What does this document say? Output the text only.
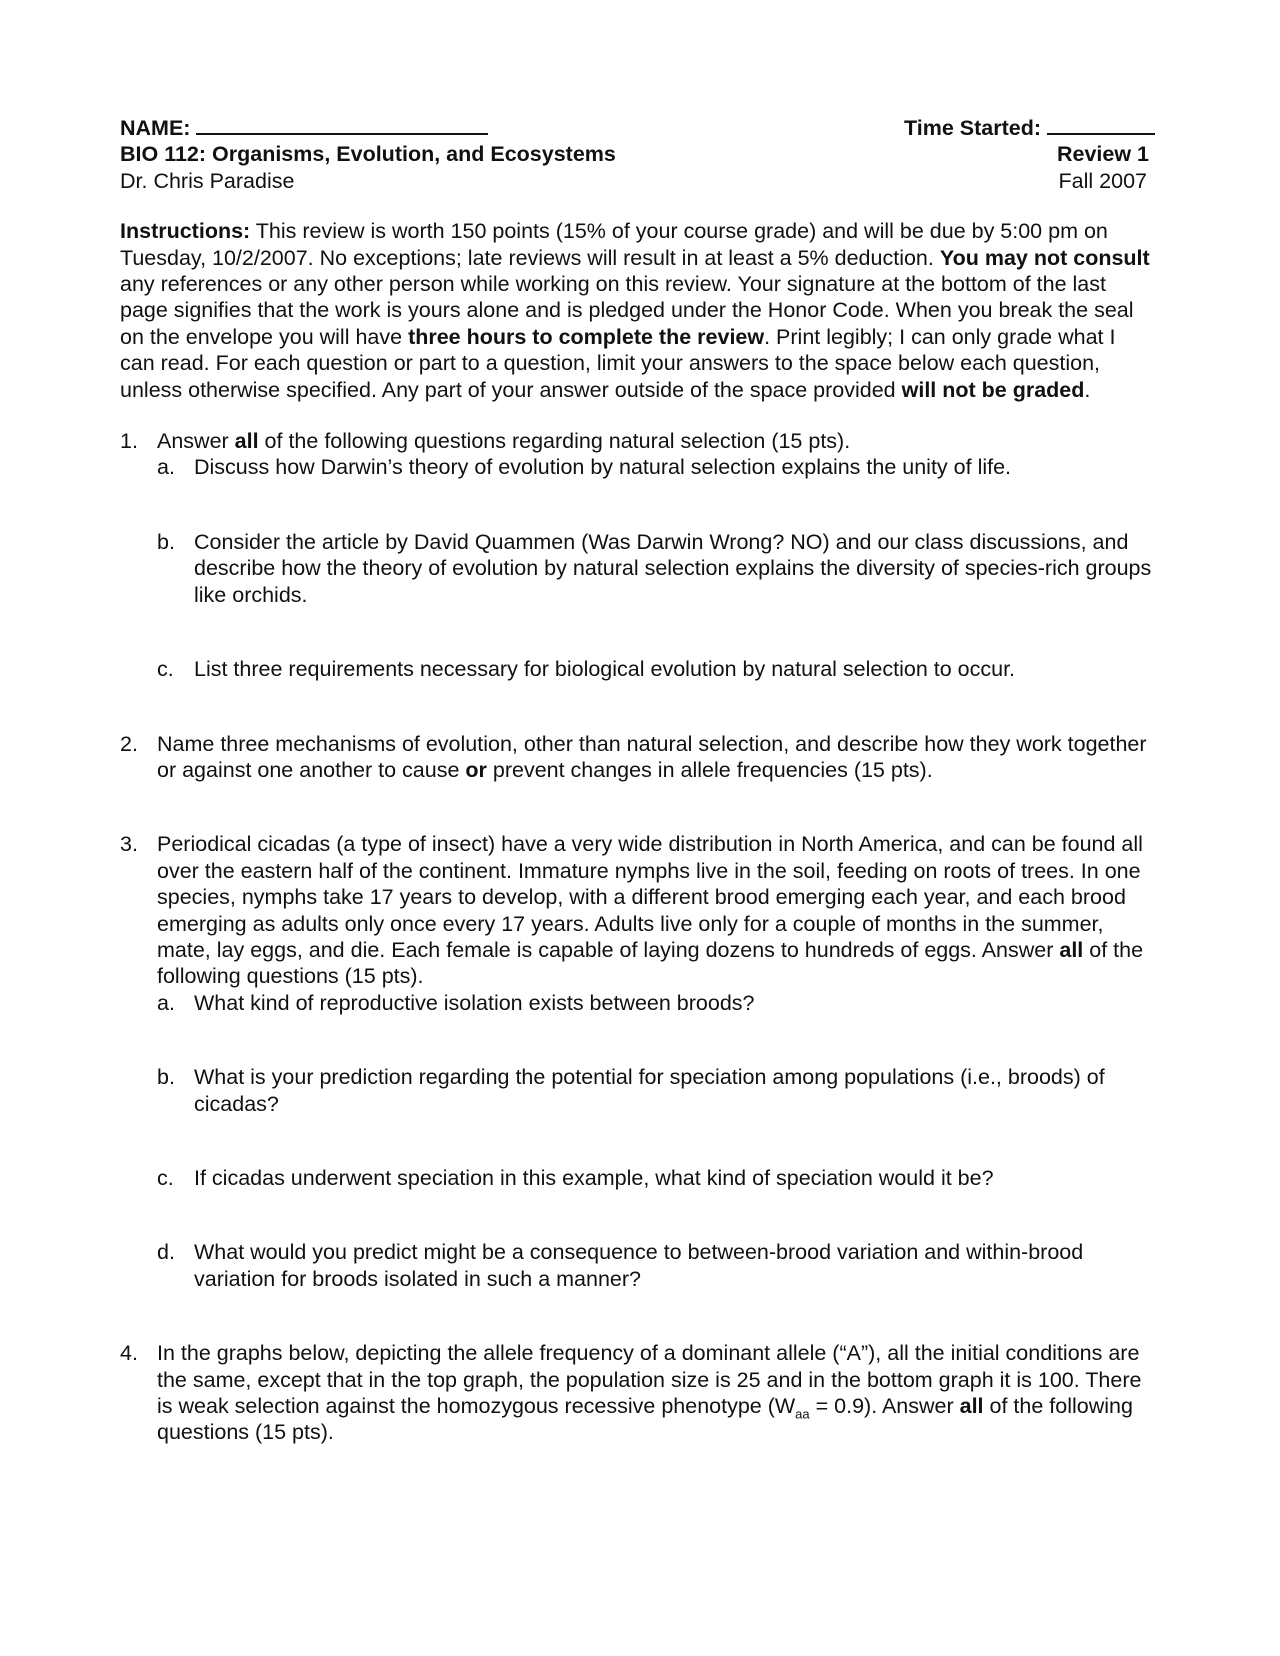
NAME:	Time Started:
BIO 112: Organisms, Evolution, and Ecosystems	Review 1
Dr. Chris Paradise	Fall 2007

Instructions: This review is worth 150 points (15% of your course grade) and will be due by 5:00 pm on Tuesday, 10/2/2007. No exceptions; late reviews will result in at least a 5% deduction. You may not consult any references or any other person while working on this review. Your signature at the bottom of the last page signifies that the work is yours alone and is pledged under the Honor Code. When you break the seal on the envelope you will have three hours to complete the review. Print legibly; I can only grade what I can read. For each question or part to a question, limit your answers to the space below each question, unless otherwise specified. Any part of your answer outside of the space provided will not be graded.

1. Answer all of the following questions regarding natural selection (15 pts).
a. Discuss how Darwin’s theory of evolution by natural selection explains the unity of life.
b. Consider the article by David Quammen (Was Darwin Wrong? NO) and our class discussions, and describe how the theory of evolution by natural selection explains the diversity of species-rich groups like orchids.
c. List three requirements necessary for biological evolution by natural selection to occur.
2. Name three mechanisms of evolution, other than natural selection, and describe how they work together or against one another to cause or prevent changes in allele frequencies (15 pts).
3. Periodical cicadas (a type of insect) have a very wide distribution in North America, and can be found all over the eastern half of the continent. Immature nymphs live in the soil, feeding on roots of trees. In one species, nymphs take 17 years to develop, with a different brood emerging each year, and each brood emerging as adults only once every 17 years. Adults live only for a couple of months in the summer, mate, lay eggs, and die. Each female is capable of laying dozens to hundreds of eggs. Answer all of the following questions (15 pts).
a. What kind of reproductive isolation exists between broods?
b. What is your prediction regarding the potential for speciation among populations (i.e., broods) of cicadas?
c. If cicadas underwent speciation in this example, what kind of speciation would it be?
d. What would you predict might be a consequence to between-brood variation and within-brood variation for broods isolated in such a manner?
4. In the graphs below, depicting the allele frequency of a dominant allele (“A”), all the initial conditions are the same, except that in the top graph, the population size is 25 and in the bottom graph it is 100. There is weak selection against the homozygous recessive phenotype $(W_{aa} = 0.9)$. Answer all of the following questions (15 pts).
